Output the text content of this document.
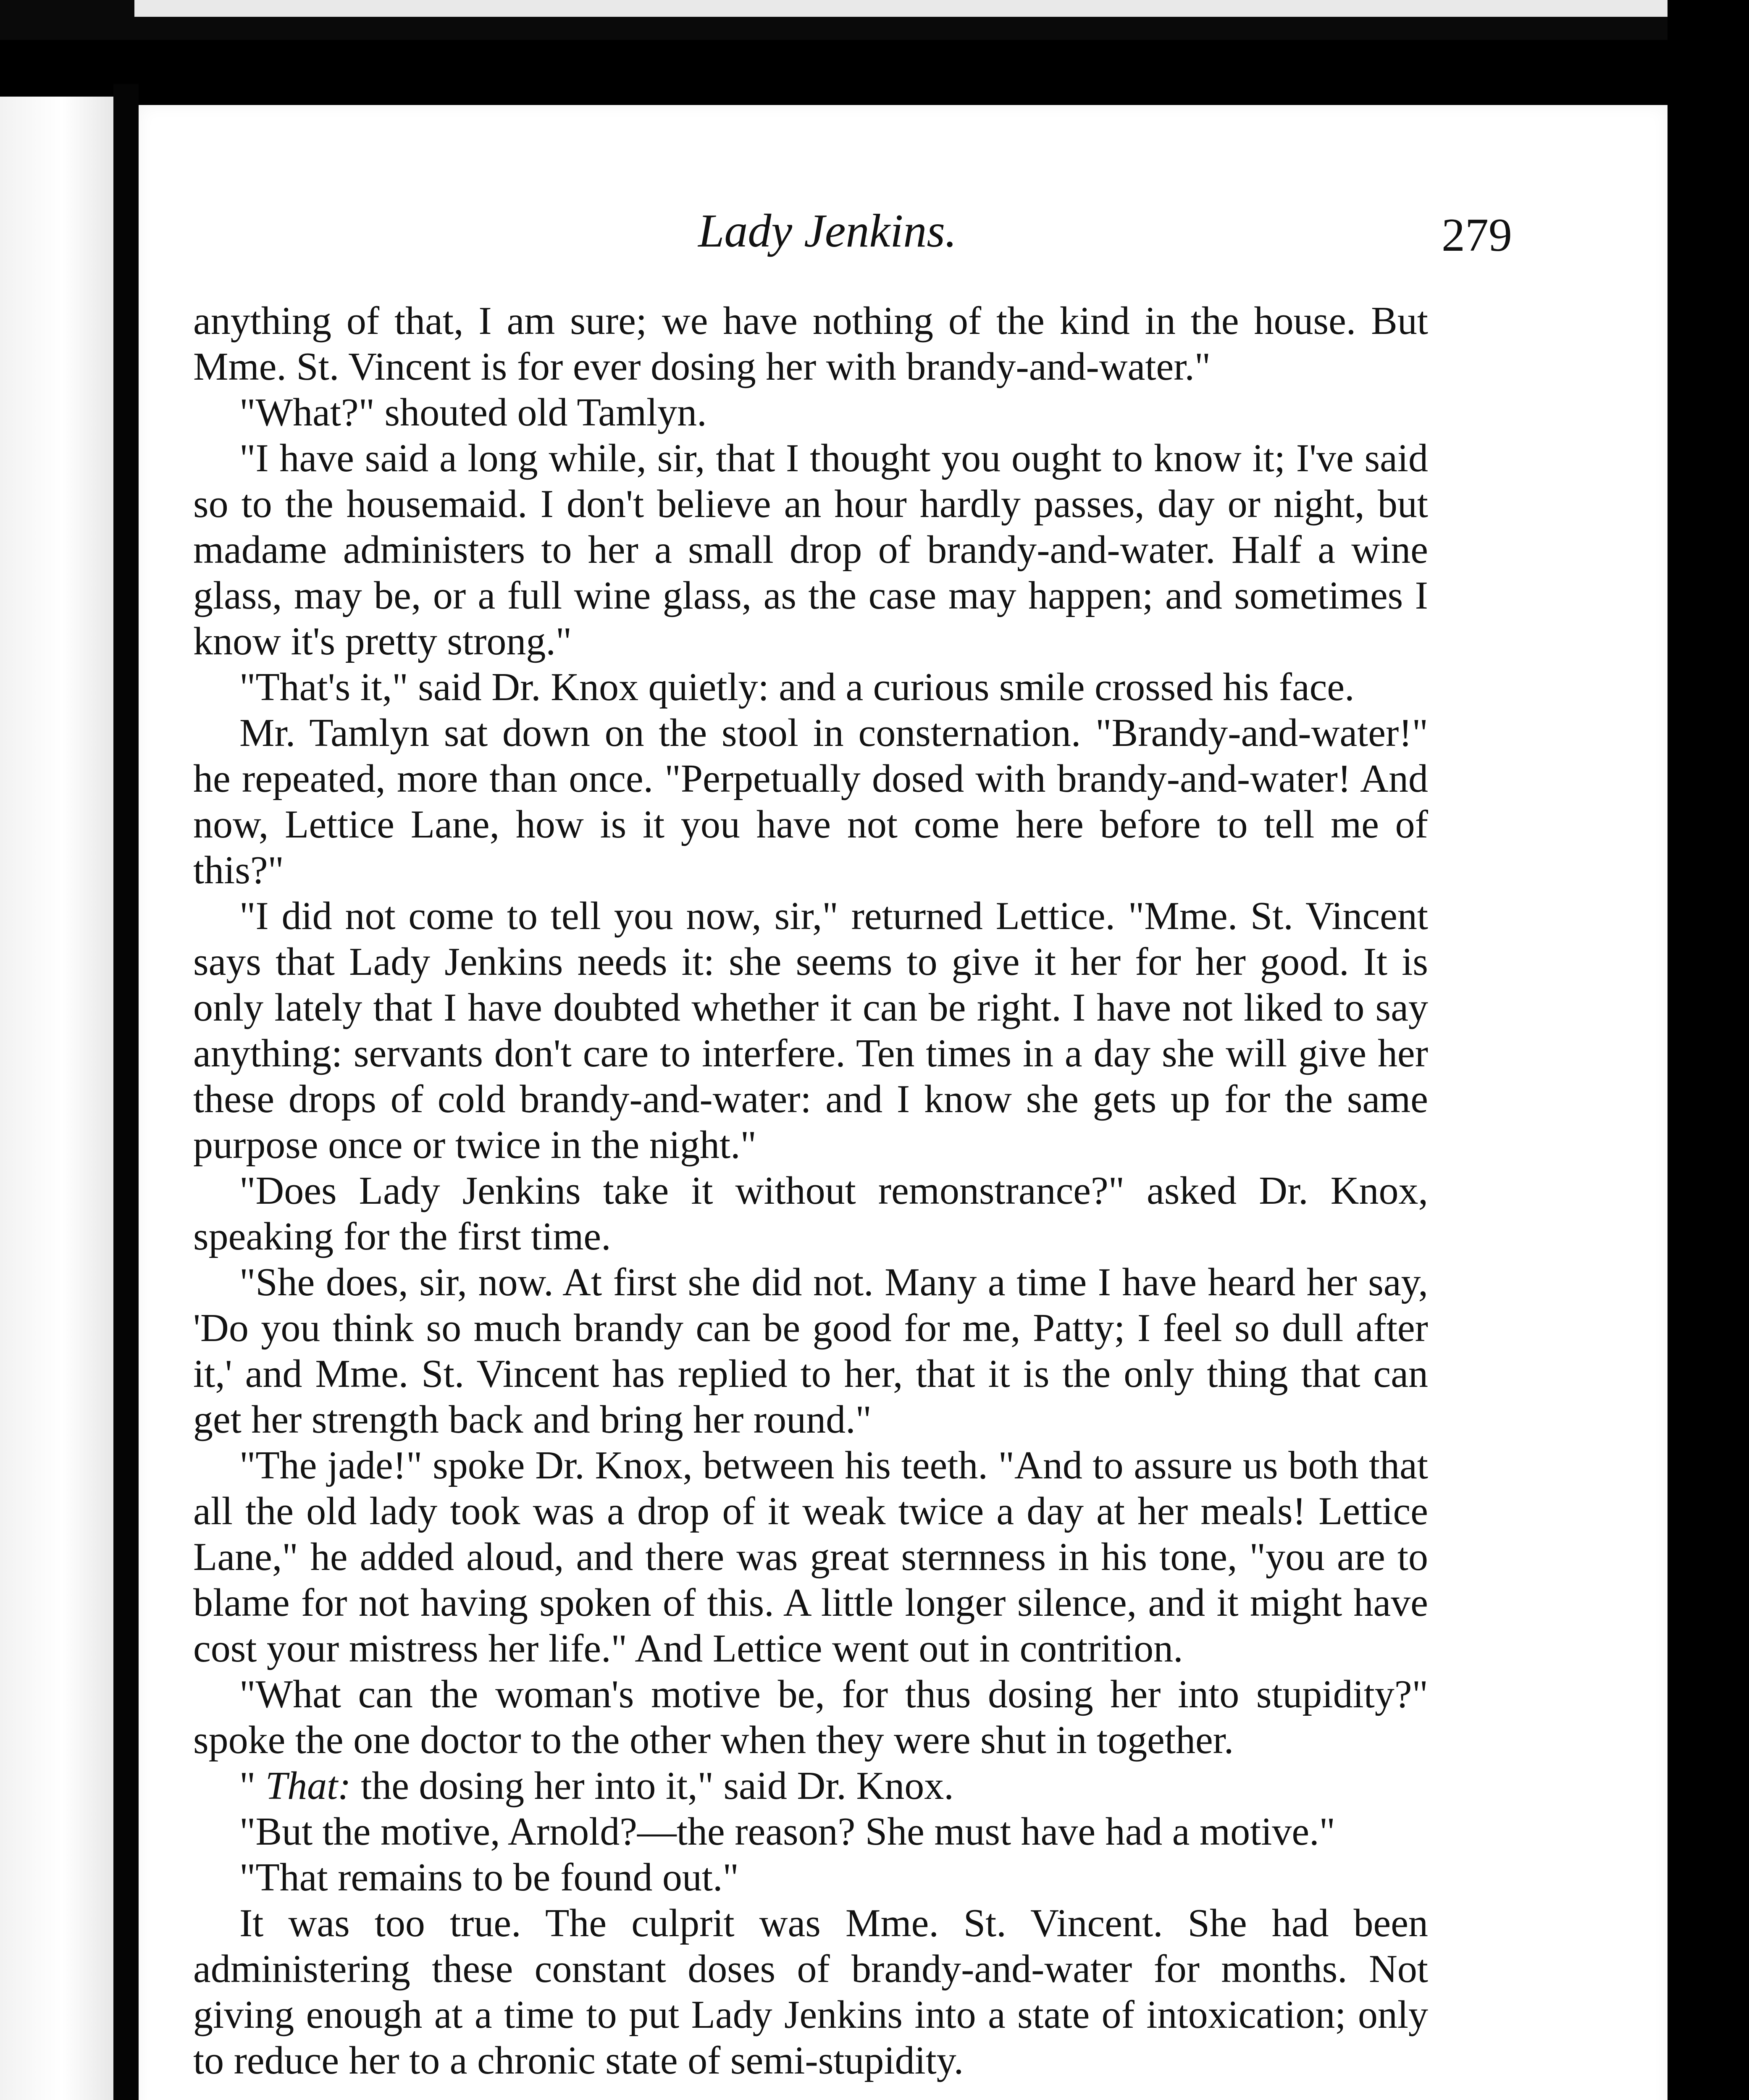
Lady Jenkins.	279

anything of that, I am sure; we have nothing of the kind in the house. But Mme. St. Vincent is for ever dosing her with brandy-and-water."

"What?" shouted old Tamlyn.

"I have said a long while, sir, that I thought you ought to know it; I've said so to the housemaid. I don't believe an hour hardly passes, day or night, but madame administers to her a small drop of brandy-and-water. Half a wine glass, may be, or a full wine glass, as the case may happen; and sometimes I know it's pretty strong."

"That's it," said Dr. Knox quietly: and a curious smile crossed his face.

Mr. Tamlyn sat down on the stool in consternation. "Brandy-and-water!" he repeated, more than once. "Perpetually dosed with brandy-and-water! And now, Lettice Lane, how is it you have not come here before to tell me of this?"

"I did not come to tell you now, sir," returned Lettice. "Mme. St. Vincent says that Lady Jenkins needs it: she seems to give it her for her good. It is only lately that I have doubted whether it can be right. I have not liked to say anything: servants don't care to interfere. Ten times in a day she will give her these drops of cold brandy-and-water: and I know she gets up for the same purpose once or twice in the night."

"Does Lady Jenkins take it without remonstrance?" asked Dr. Knox, speaking for the first time.

"She does, sir, now. At first she did not. Many a time I have heard her say, 'Do you think so much brandy can be good for me, Patty; I feel so dull after it,' and Mme. St. Vincent has replied to her, that it is the only thing that can get her strength back and bring her round."

"The jade!" spoke Dr. Knox, between his teeth. "And to assure us both that all the old lady took was a drop of it weak twice a day at her meals! Lettice Lane," he added aloud, and there was great sternness in his tone, "you are to blame for not having spoken of this. A little longer silence, and it might have cost your mistress her life." And Lettice went out in contrition.

"What can the woman's motive be, for thus dosing her into stupidity?" spoke the one doctor to the other when they were shut in together.

" That: the dosing her into it," said Dr. Knox.

"But the motive, Arnold?—the reason? She must have had a motive."

"That remains to be found out."

It was too true. The culprit was Mme. St. Vincent. She had been administering these constant doses of brandy-and-water for months. Not giving enough at a time to put Lady Jenkins into a state of intoxication; only to reduce her to a chronic state of semi-stupidity.
